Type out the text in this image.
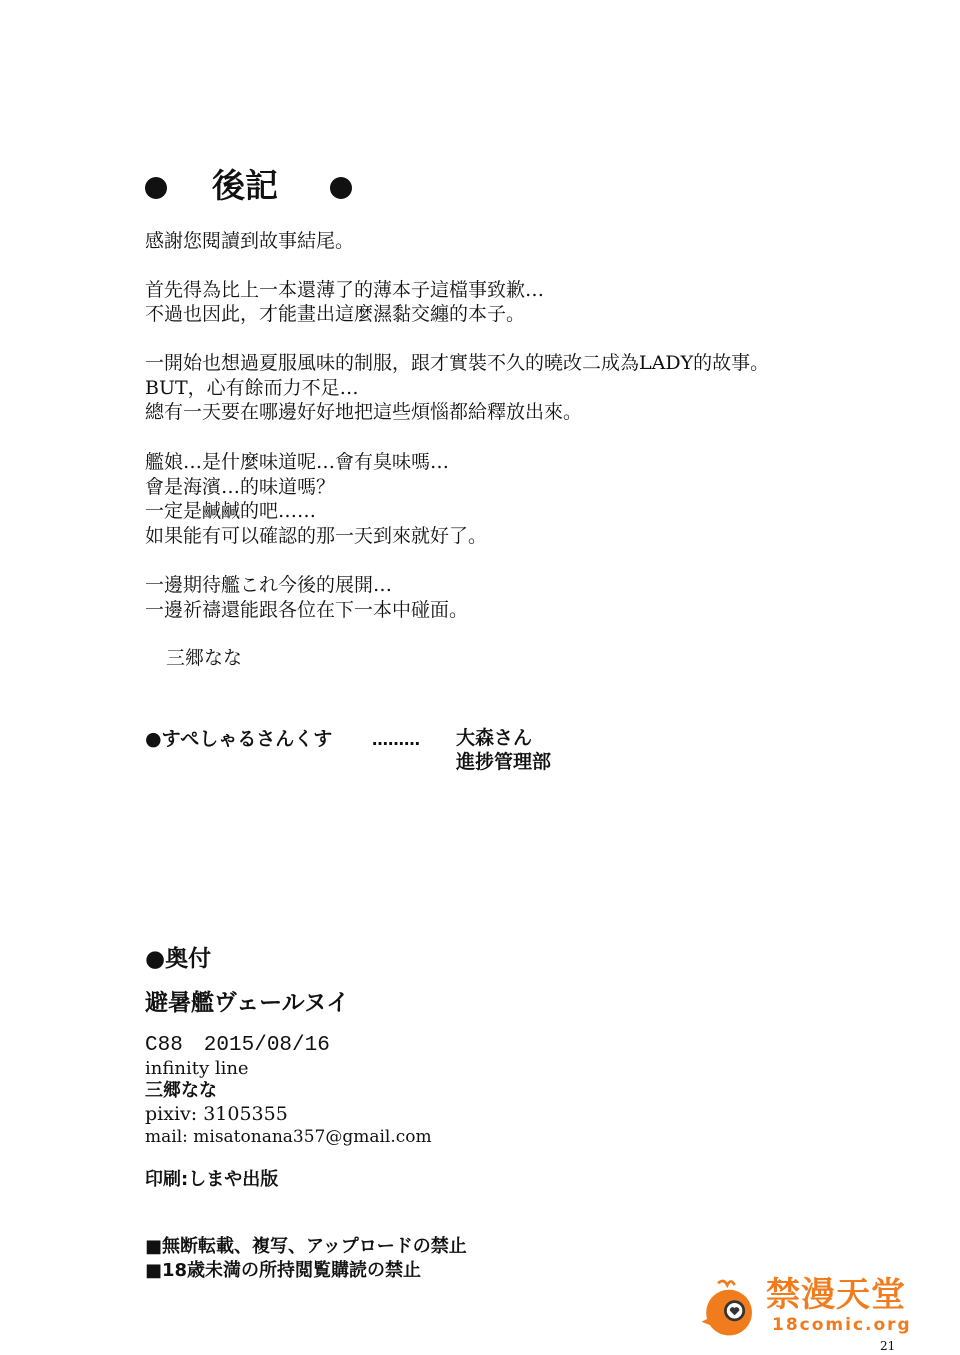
後記
感謝您閱讀到故事結尾。
首先得為比上一本還薄了的薄本子這檔事致歉…
不過也因此，才能畫出這麼濕黏交纏的本子。
一開始也想過夏服風味的制服，跟才實裝不久的曉改二成為LADY的故事。
BUT，心有餘而力不足…
總有一天要在哪邊好好地把這些煩惱都給釋放出來。
艦娘…是什麼味道呢…會有臭味嗎…
會是海濱…的味道嗎？
一定是鹹鹹的吧……
如果能有可以確認的那一天到來就好了。
一邊期待艦これ今後的展開…
一邊祈禱還能跟各位在下一本中碰面。
三郷なな
●すぺしゃるさんくす ……… 大森さん
進捗管理部
●奥付
避暑艦ヴェールヌイ
C88　2015/08/16
infinity line
三郷なな
pixiv: 3105355
mail: misatonana357@gmail.com
印刷:しまや出版
■無断転載、複写、アップロードの禁止
■18歳未満の所持閲覧購読の禁止
禁漫天堂
18comic.org
21
